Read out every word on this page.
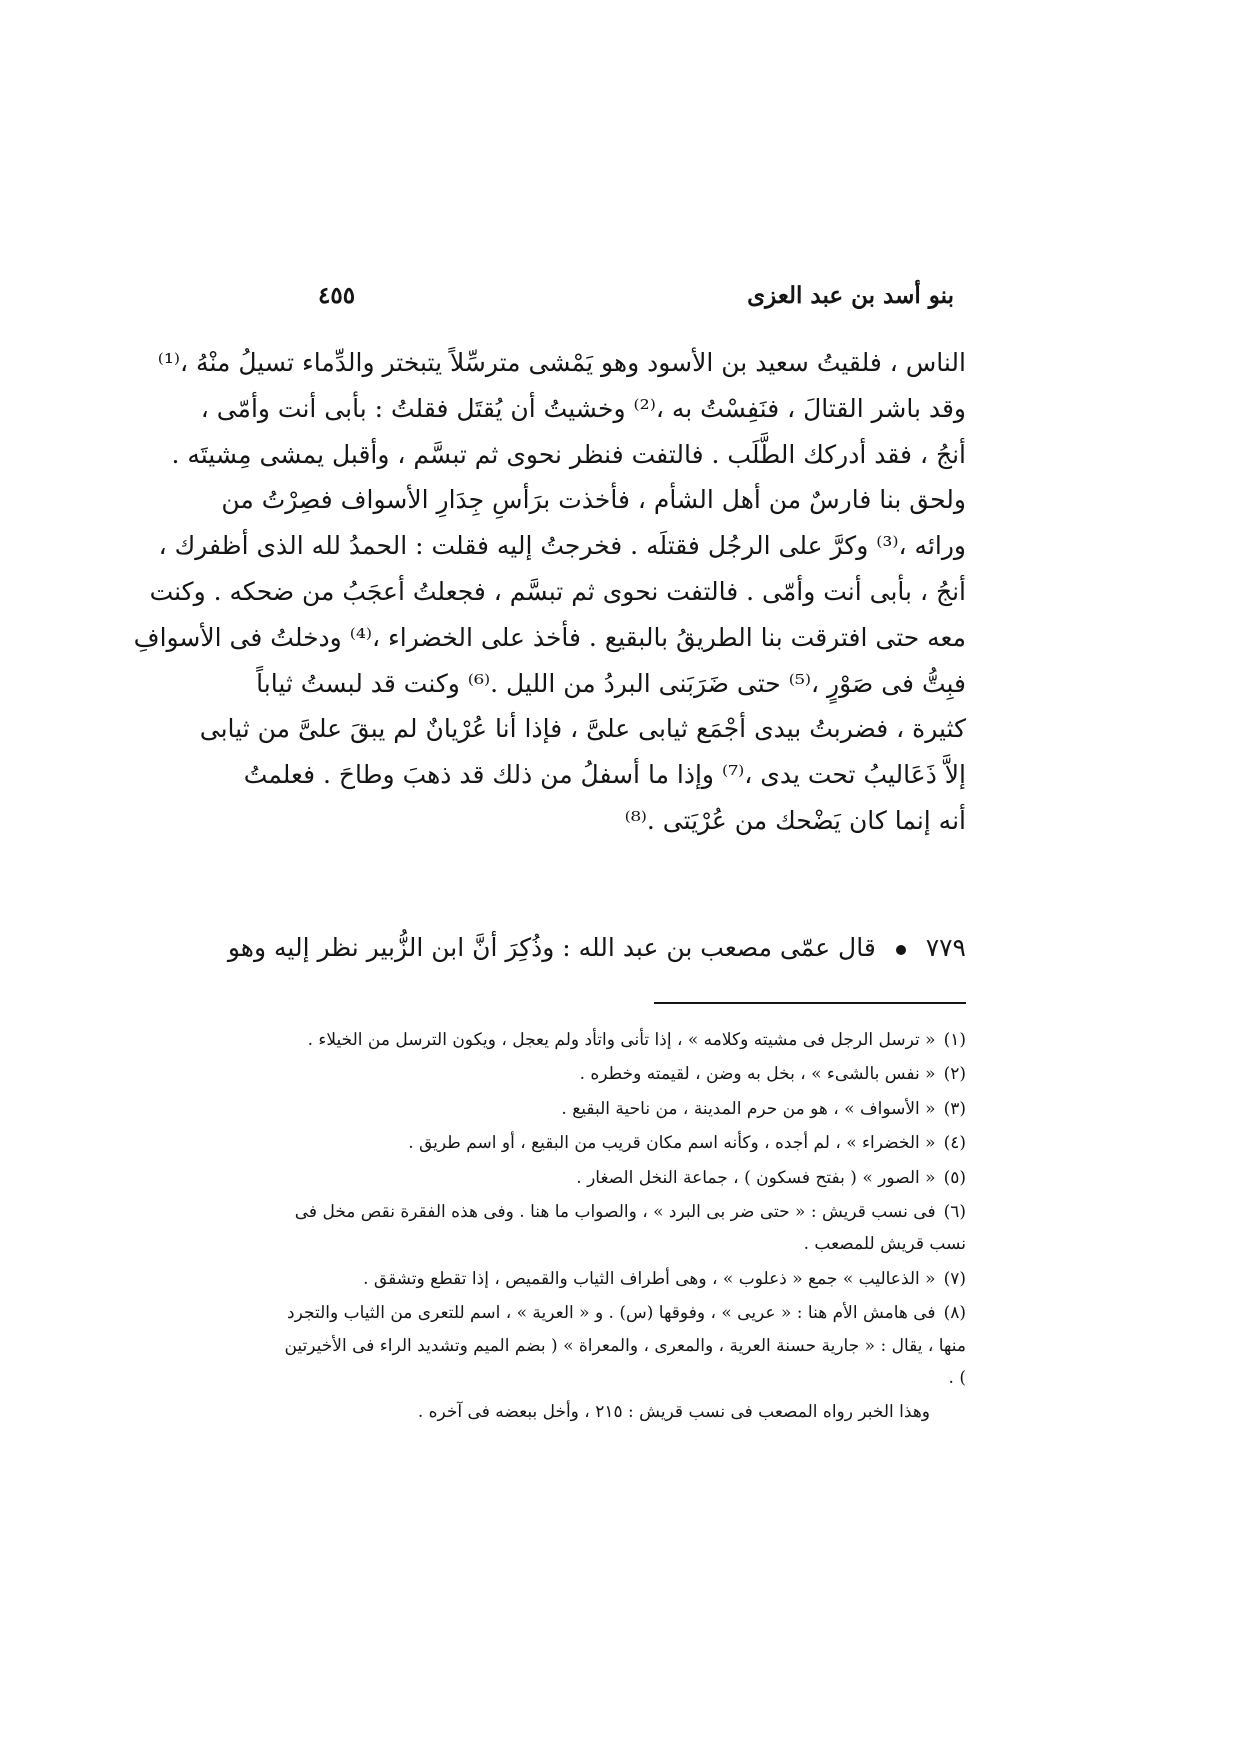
بنو أسد بن عبد العزى
٤٥٥
الناس ، فلقيتُ سعيد بن الأسود وهو يَمْشى مترسِّلاً يتبختر والدِّماء تسيلُ منْهُ ،⁽¹⁾
وقد باشر القتالَ ، فنَفِسْتُ به ،⁽²⁾ وخشيتُ أن يُقتَل فقلتُ : بأبى أنت وأمّى ،
أنجُ ، فقد أدركك الطَّلَب . فالتفت فنظر نحوى ثم تبسَّم ، وأقبل يمشى مِشيتَه .
ولحق بنا فارسٌ من أهل الشأم ، فأخذت برَأسِ جِدَارِ الأسواف فصِرْتُ من
ورائه ،⁽³⁾ وكرَّ على الرجُل فقتلَه . فخرجتُ إليه فقلت : الحمدُ لله الذى أظفرك ،
أنجُ ، بأبى أنت وأمّى . فالتفت نحوى ثم تبسَّم ، فجعلتُ أعجَبُ من ضحكه . وكنت
معه حتى افترقت بنا الطريقُ بالبقيع . فأخذ على الخضراء ،⁽⁴⁾ ودخلتُ فى الأسوافِ
فبِتُّ فى صَوْرٍ ،⁽⁵⁾ حتى ضَرَبَنى البردُ من الليل .⁽⁶⁾ وكنت قد لبستُ ثياباً
كثيرة ، فضربتُ بيدى أجْمَع ثيابى علىَّ ، فإذا أنا عُرْيانٌ لم يبقَ علىَّ من ثيابى
إلاَّ ذَعَاليبُ تحت يدى ،⁽⁷⁾ وإذا ما أسفلُ من ذلك قد ذهبَ وطاحَ . فعلمتُ
أنه إنما كان يَضْحك من عُرْيَتى .⁽⁸⁾
٧٧٩  قال عمّى مصعب بن عبد الله : وذُكِرَ أنَّ ابن الزُّبير نظر إليه وهو
(١)« ترسل الرجل فى مشيته وكلامه » ، إذا تأنى واتأد ولم يعجل ، ويكون الترسل من الخيلاء .
(٢)« نفس بالشىء » ، بخل به وضن ، لقيمته وخطره .
(٣)« الأسواف » ، هو من حرم المدينة ، من ناحية البقيع .
(٤)« الخضراء » ، لم أجده ، وكأنه اسم مكان قريب من البقيع ، أو اسم طريق .
(٥)« الصور » ( بفتح فسكون ) ، جماعة النخل الصغار .
(٦)فى نسب قريش : « حتى ضر بى البرد » ، والصواب ما هنا . وفى هذه الفقرة نقص مخل فى نسب قريش للمصعب .
(٧)« الذعاليب » جمع « ذعلوب » ، وهى أطراف الثياب والقميص ، إذا تقطع وتشقق .
(٨)فى هامش الأم هنا : « عريى » ، وفوقها (س) . و « العرية » ، اسم للتعرى من الثياب والتجرد منها ، يقال : « جارية حسنة العرية ، والمعرى ، والمعراة » ( بضم الميم وتشديد الراء فى الأخيرتين ) .
وهذا الخبر رواه المصعب فى نسب قريش : ٢١٥ ، وأخل ببعضه فى آخره .
